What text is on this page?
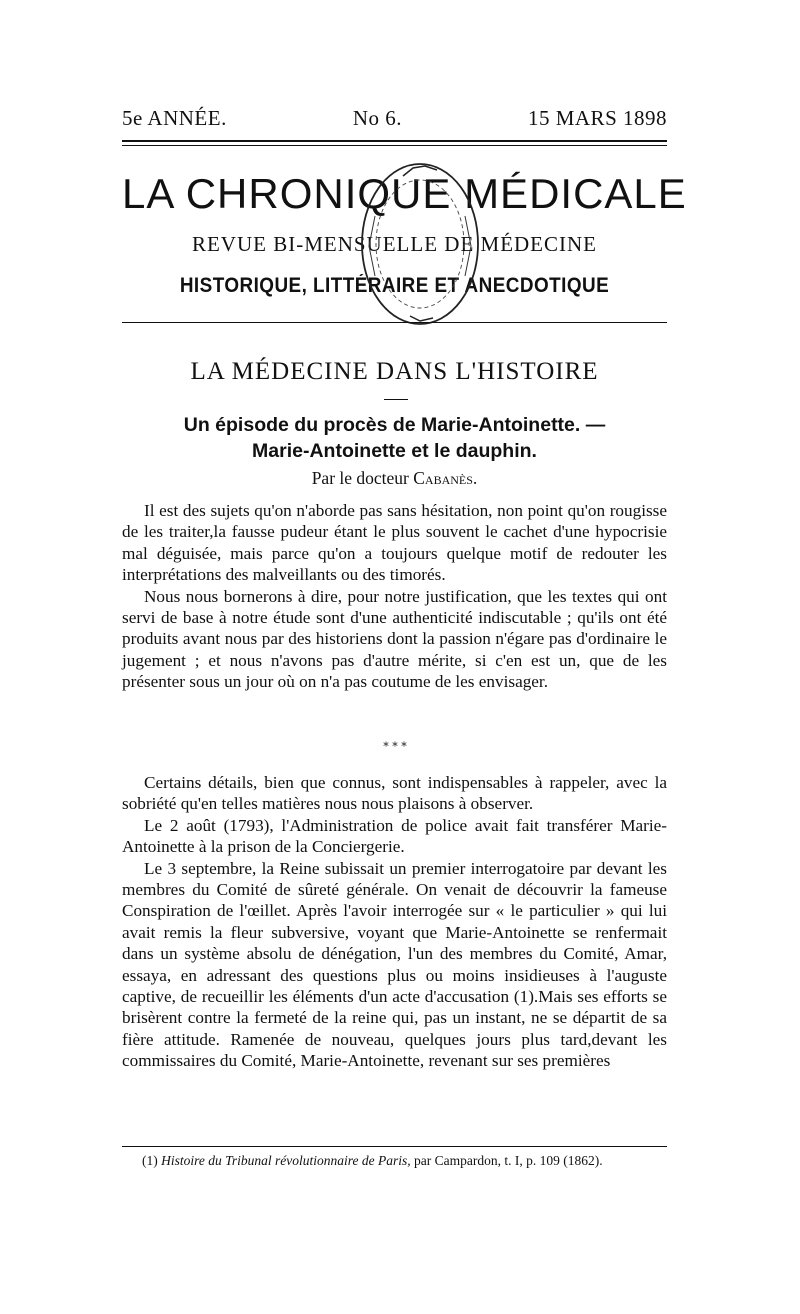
5e ANNÉE.	No 6.	15 MARS 1898
LA CHRONIQUE MÉDICALE
REVUE BI-MENSUELLE DE MÉDECINE
HISTORIQUE, LITTÉRAIRE ET ANECDOTIQUE
LA MÉDECINE DANS L'HISTOIRE
Un épisode du procès de Marie-Antoinette. —
Marie-Antoinette et le dauphin.
Par le docteur Cabanès.

Il est des sujets qu'on n'aborde pas sans hésitation, non point qu'on rougisse de les traiter,la fausse pudeur étant le plus souvent le cachet d'une hypocrisie mal déguisée, mais parce qu'on a toujours quelque motif de redouter les interprétations des malveillants ou des timorés.

Nous nous bornerons à dire, pour notre justification, que les textes qui ont servi de base à notre étude sont d'une authenticité indiscutable ; qu'ils ont été produits avant nous par des historiens dont la passion n'égare pas d'ordinaire le jugement ; et nous n'avons pas d'autre mérite, si c'en est un, que de les présenter sous un jour où on n'a pas coutume de les envisager.

* * *

Certains détails, bien que connus, sont indispensables à rappeler, avec la sobriété qu'en telles matières nous nous plaisons à observer.

Le 2 août (1793), l'Administration de police avait fait transférer Marie-Antoinette à la prison de la Conciergerie.

Le 3 septembre, la Reine subissait un premier interrogatoire par devant les membres du Comité de sûreté générale. On venait de découvrir la fameuse Conspiration de l'œillet. Après l'avoir interrogée sur « le particulier » qui lui avait remis la fleur subversive, voyant que Marie-Antoinette se renfermait dans un système absolu de dénégation, l'un des membres du Comité, Amar, essaya, en adressant des questions plus ou moins insidieuses à l'auguste captive, de recueillir les éléments d'un acte d'accusation (1).Mais ses efforts se brisèrent contre la fermeté de la reine qui, pas un instant, ne se départit de sa fière attitude. Ramenée de nouveau, quelques jours plus tard,devant les commissaires du Comité, Marie-Antoinette, revenant sur ses premières

(1) Histoire du Tribunal révolutionnaire de Paris, par Campardon, t. I, p. 109 (1862).
